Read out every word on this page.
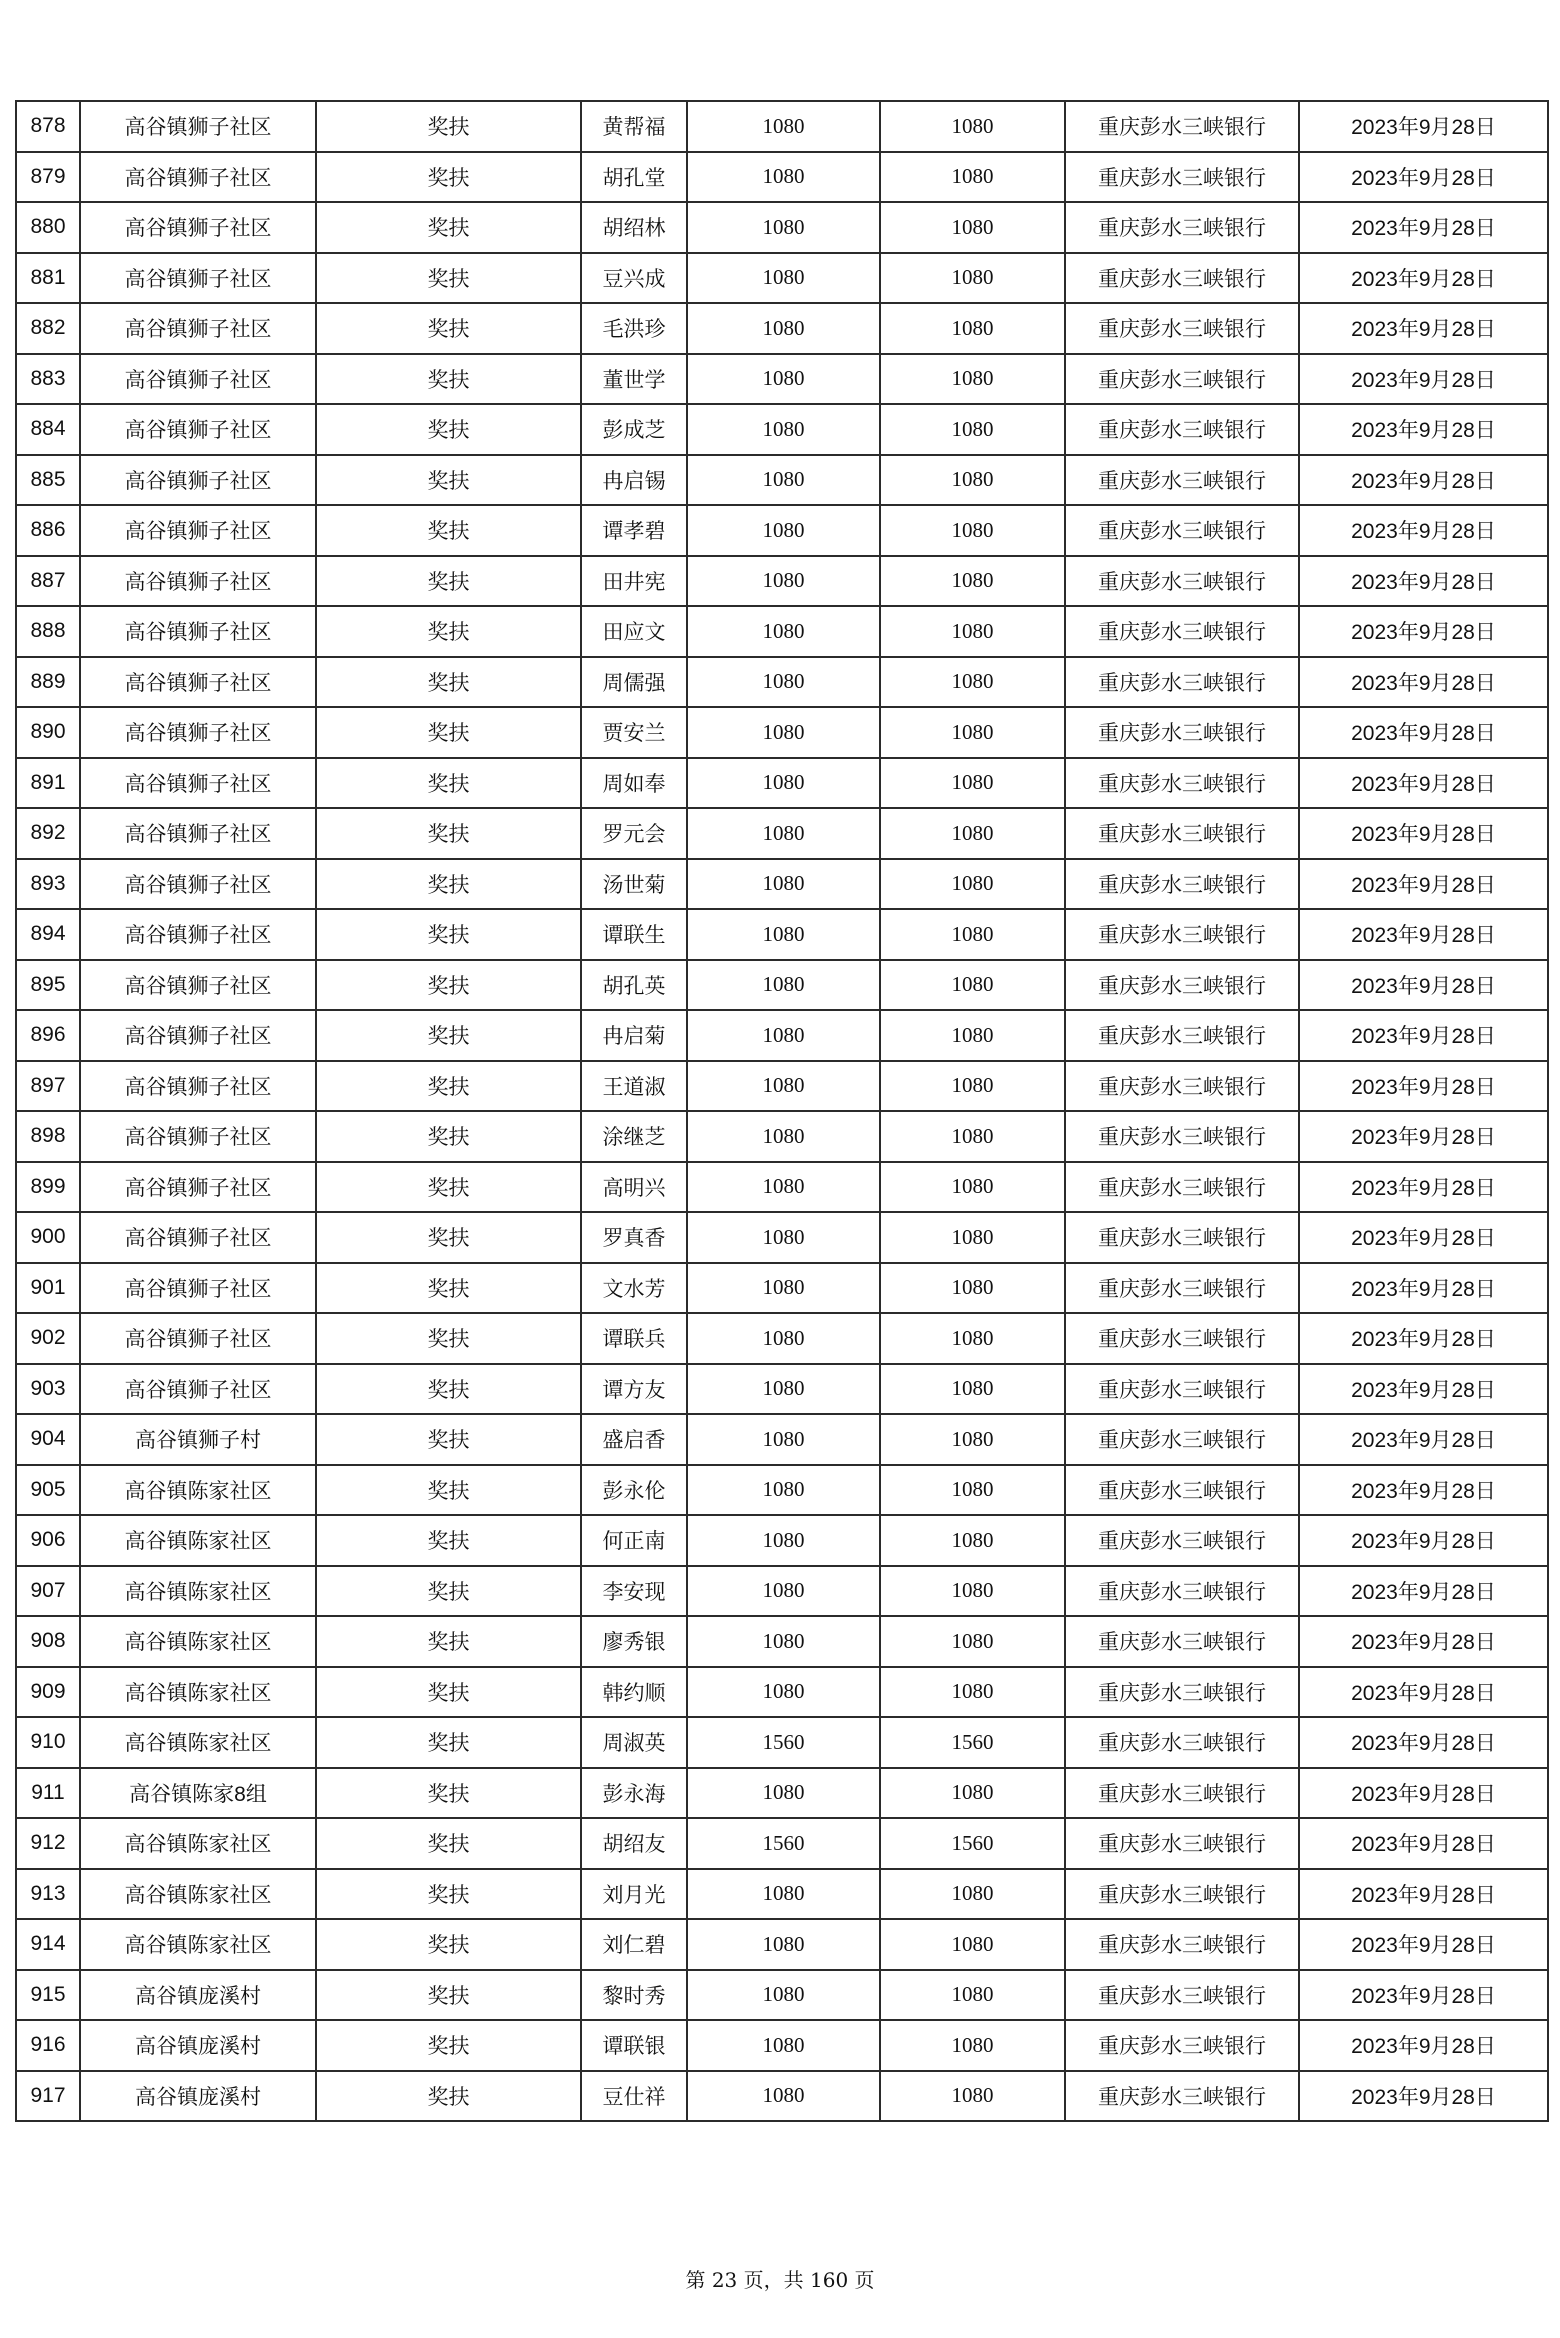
878	高谷镇狮子社区	奖扶	黄帮福	1080	1080	重庆彭水三峡银行	2023年9月28日
879	高谷镇狮子社区	奖扶	胡孔堂	1080	1080	重庆彭水三峡银行	2023年9月28日
880	高谷镇狮子社区	奖扶	胡绍林	1080	1080	重庆彭水三峡银行	2023年9月28日
881	高谷镇狮子社区	奖扶	豆兴成	1080	1080	重庆彭水三峡银行	2023年9月28日
882	高谷镇狮子社区	奖扶	毛洪珍	1080	1080	重庆彭水三峡银行	2023年9月28日
883	高谷镇狮子社区	奖扶	董世学	1080	1080	重庆彭水三峡银行	2023年9月28日
884	高谷镇狮子社区	奖扶	彭成芝	1080	1080	重庆彭水三峡银行	2023年9月28日
885	高谷镇狮子社区	奖扶	冉启锡	1080	1080	重庆彭水三峡银行	2023年9月28日
886	高谷镇狮子社区	奖扶	谭孝碧	1080	1080	重庆彭水三峡银行	2023年9月28日
887	高谷镇狮子社区	奖扶	田井宪	1080	1080	重庆彭水三峡银行	2023年9月28日
888	高谷镇狮子社区	奖扶	田应文	1080	1080	重庆彭水三峡银行	2023年9月28日
889	高谷镇狮子社区	奖扶	周儒强	1080	1080	重庆彭水三峡银行	2023年9月28日
890	高谷镇狮子社区	奖扶	贾安兰	1080	1080	重庆彭水三峡银行	2023年9月28日
891	高谷镇狮子社区	奖扶	周如奉	1080	1080	重庆彭水三峡银行	2023年9月28日
892	高谷镇狮子社区	奖扶	罗元会	1080	1080	重庆彭水三峡银行	2023年9月28日
893	高谷镇狮子社区	奖扶	汤世菊	1080	1080	重庆彭水三峡银行	2023年9月28日
894	高谷镇狮子社区	奖扶	谭联生	1080	1080	重庆彭水三峡银行	2023年9月28日
895	高谷镇狮子社区	奖扶	胡孔英	1080	1080	重庆彭水三峡银行	2023年9月28日
896	高谷镇狮子社区	奖扶	冉启菊	1080	1080	重庆彭水三峡银行	2023年9月28日
897	高谷镇狮子社区	奖扶	王道淑	1080	1080	重庆彭水三峡银行	2023年9月28日
898	高谷镇狮子社区	奖扶	涂继芝	1080	1080	重庆彭水三峡银行	2023年9月28日
899	高谷镇狮子社区	奖扶	高明兴	1080	1080	重庆彭水三峡银行	2023年9月28日
900	高谷镇狮子社区	奖扶	罗真香	1080	1080	重庆彭水三峡银行	2023年9月28日
901	高谷镇狮子社区	奖扶	文水芳	1080	1080	重庆彭水三峡银行	2023年9月28日
902	高谷镇狮子社区	奖扶	谭联兵	1080	1080	重庆彭水三峡银行	2023年9月28日
903	高谷镇狮子社区	奖扶	谭方友	1080	1080	重庆彭水三峡银行	2023年9月28日
904	高谷镇狮子村	奖扶	盛启香	1080	1080	重庆彭水三峡银行	2023年9月28日
905	高谷镇陈家社区	奖扶	彭永伦	1080	1080	重庆彭水三峡银行	2023年9月28日
906	高谷镇陈家社区	奖扶	何正南	1080	1080	重庆彭水三峡银行	2023年9月28日
907	高谷镇陈家社区	奖扶	李安现	1080	1080	重庆彭水三峡银行	2023年9月28日
908	高谷镇陈家社区	奖扶	廖秀银	1080	1080	重庆彭水三峡银行	2023年9月28日
909	高谷镇陈家社区	奖扶	韩约顺	1080	1080	重庆彭水三峡银行	2023年9月28日
910	高谷镇陈家社区	奖扶	周淑英	1560	1560	重庆彭水三峡银行	2023年9月28日
911	高谷镇陈家8组	奖扶	彭永海	1080	1080	重庆彭水三峡银行	2023年9月28日
912	高谷镇陈家社区	奖扶	胡绍友	1560	1560	重庆彭水三峡银行	2023年9月28日
913	高谷镇陈家社区	奖扶	刘月光	1080	1080	重庆彭水三峡银行	2023年9月28日
914	高谷镇陈家社区	奖扶	刘仁碧	1080	1080	重庆彭水三峡银行	2023年9月28日
915	高谷镇庞溪村	奖扶	黎时秀	1080	1080	重庆彭水三峡银行	2023年9月28日
916	高谷镇庞溪村	奖扶	谭联银	1080	1080	重庆彭水三峡银行	2023年9月28日
917	高谷镇庞溪村	奖扶	豆仕祥	1080	1080	重庆彭水三峡银行	2023年9月28日
第 23 页，共 160 页
